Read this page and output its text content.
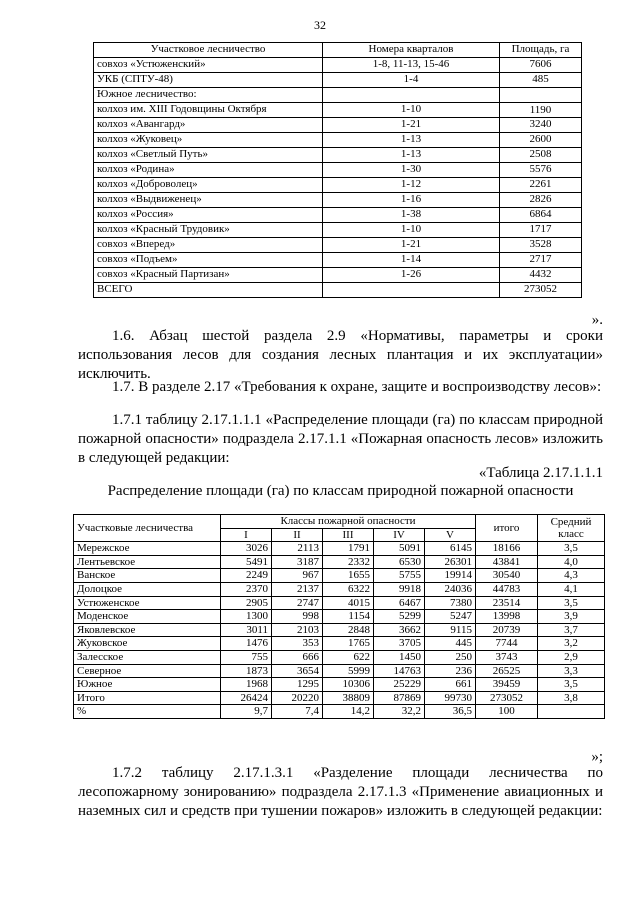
32
Участковое лесничество	Номера кварталов	Площадь, га
совхоз «Устюженский»	1-8, 11-13, 15-46	7606
УКБ (СПТУ-48)	1-4	485
Южное лесничество:		
колхоз им. XIII Годовщины Октября	1-10	1190
колхоз «Авангард»	1-21	3240
колхоз «Жуковец»	1-13	2600
колхоз «Светлый Путь»	1-13	2508
колхоз «Родина»	1-30	5576
колхоз «Доброволец»	1-12	2261
колхоз «Выдвиженец»	1-16	2826
колхоз «Россия»	1-38	6864
колхоз «Красный Трудовик»	1-10	1717
совхоз «Вперед»	1-21	3528
совхоз «Подъем»	1-14	2717
совхоз «Красный Партизан»	1-26	4432
ВСЕГО		273052
».
1.6. Абзац шестой раздела 2.9 «Нормативы, параметры и сроки использования лесов для создания лесных плантация и их эксплуатации» исключить.
1.7. В разделе 2.17 «Требования к охране, защите и воспроизводству лесов»:
1.7.1 таблицу 2.17.1.1.1 «Распределение площади (га) по классам природной пожарной опасности» подраздела 2.17.1.1 «Пожарная опасность лесов» изложить в следующей редакции:
«Таблица 2.17.1.1.1
Распределение площади (га) по классам природной пожарной опасности
Участковые лесничества	Классы пожарной опасности					итого	Средний класс
	I	II	III	IV	V		
Мережское	3026	2113	1791	5091	6145	18166	3,5
Лентьевское	5491	3187	2332	6530	26301	43841	4,0
Ванское	2249	967	1655	5755	19914	30540	4,3
Долоцкое	2370	2137	6322	9918	24036	44783	4,1
Устюженское	2905	2747	4015	6467	7380	23514	3,5
Моденское	1300	998	1154	5299	5247	13998	3,9
Яковлевское	3011	2103	2848	3662	9115	20739	3,7
Жуковское	1476	353	1765	3705	445	7744	3,2
Залесское	755	666	622	1450	250	3743	2,9
Северное	1873	3654	5999	14763	236	26525	3,3
Южное	1968	1295	10306	25229	661	39459	3,5
Итого	26424	20220	38809	87869	99730	273052	3,8
%	9,7	7,4	14,2	32,2	36,5	100	
»;
1.7.2 таблицу 2.17.1.3.1 «Разделение площади лесничества по лесопожарному зонированию» подраздела 2.17.1.3 «Применение авиационных и наземных сил и средств при тушении пожаров» изложить в следующей редакции:
